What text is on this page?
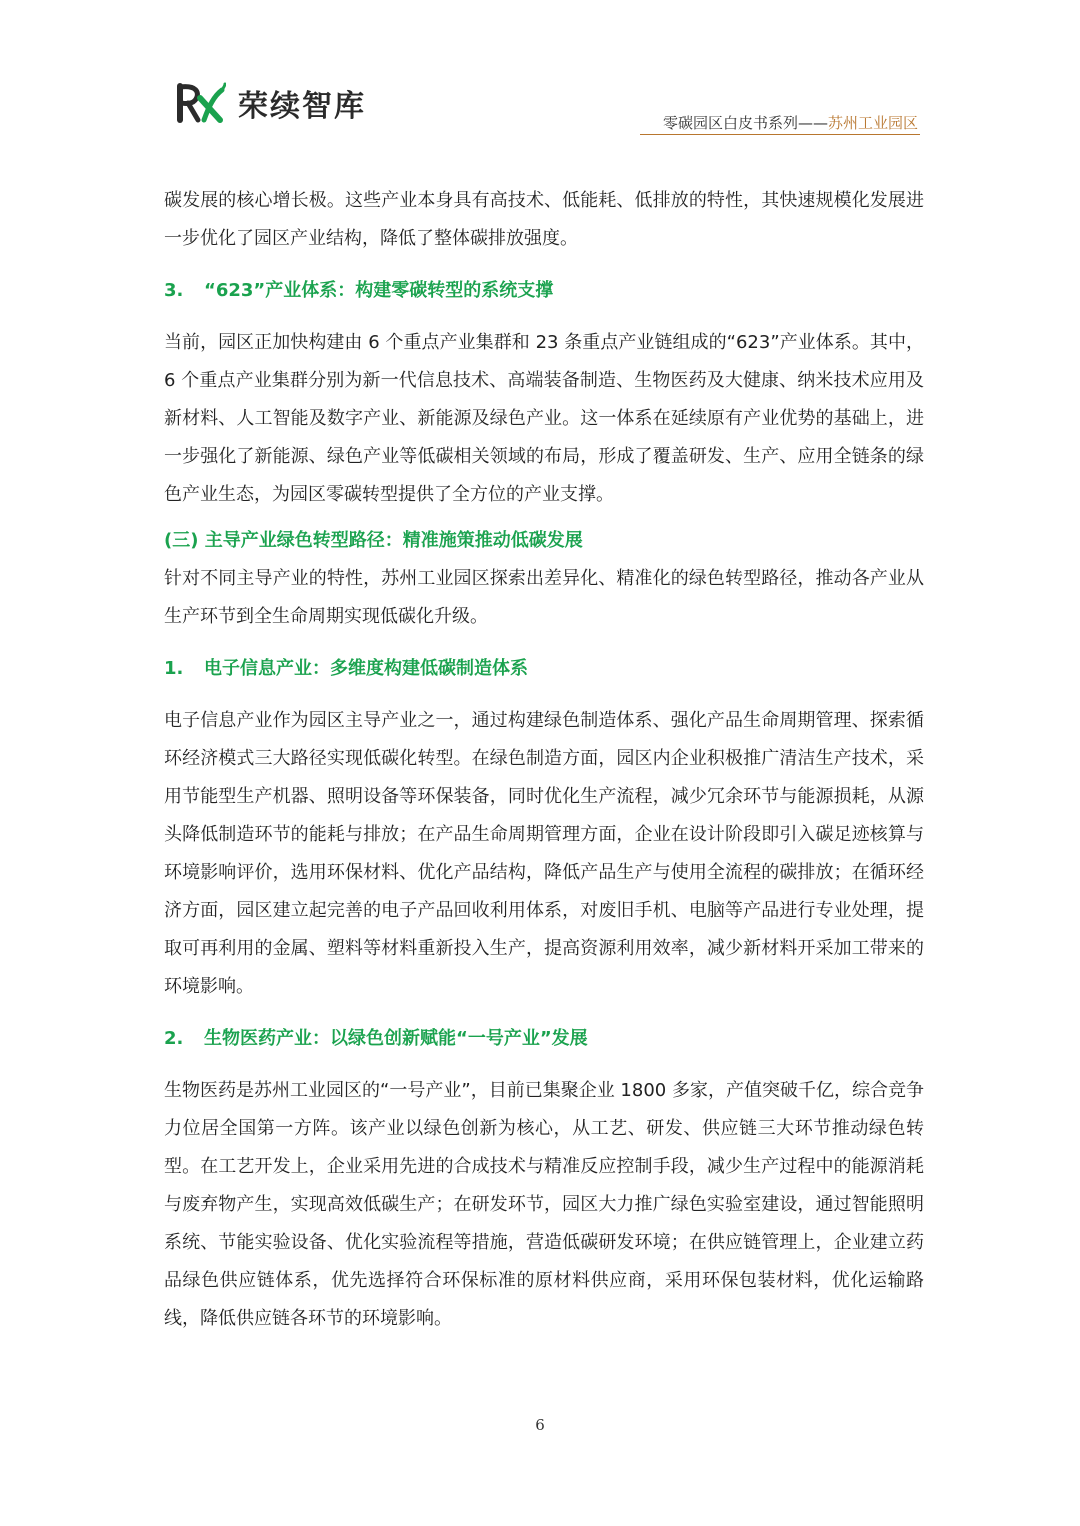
荣续智库	零碳园区白皮书系列——苏州工业园区

碳发展的核心增长极。这些产业本身具有高技术、低能耗、低排放的特性，其快速规模化发展进一步优化了园区产业结构，降低了整体碳排放强度。

3. “623”产业体系：构建零碳转型的系统支撑

当前，园区正加快构建由 6 个重点产业集群和 23 条重点产业链组成的“623”产业体系。其中，6 个重点产业集群分别为新一代信息技术、高端装备制造、生物医药及大健康、纳米技术应用及新材料、人工智能及数字产业、新能源及绿色产业。这一体系在延续原有产业优势的基础上，进一步强化了新能源、绿色产业等低碳相关领域的布局，形成了覆盖研发、生产、应用全链条的绿色产业生态，为园区零碳转型提供了全方位的产业支撑。

(三) 主导产业绿色转型路径：精准施策推动低碳发展

针对不同主导产业的特性，苏州工业园区探索出差异化、精准化的绿色转型路径，推动各产业从生产环节到全生命周期实现低碳化升级。

1. 电子信息产业：多维度构建低碳制造体系

电子信息产业作为园区主导产业之一，通过构建绿色制造体系、强化产品生命周期管理、探索循环经济模式三大路径实现低碳化转型。在绿色制造方面，园区内企业积极推广清洁生产技术，采用节能型生产机器、照明设备等环保装备，同时优化生产流程，减少冗余环节与能源损耗，从源头降低制造环节的能耗与排放；在产品生命周期管理方面，企业在设计阶段即引入碳足迹核算与环境影响评价，选用环保材料、优化产品结构，降低产品生产与使用全流程的碳排放；在循环经济方面，园区建立起完善的电子产品回收利用体系，对废旧手机、电脑等产品进行专业处理，提取可再利用的金属、塑料等材料重新投入生产，提高资源利用效率，减少新材料开采加工带来的环境影响。

2. 生物医药产业：以绿色创新赋能“一号产业”发展

生物医药是苏州工业园区的“一号产业”，目前已集聚企业 1800 多家，产值突破千亿，综合竞争力位居全国第一方阵。该产业以绿色创新为核心，从工艺、研发、供应链三大环节推动绿色转型。在工艺开发上，企业采用先进的合成技术与精准反应控制手段，减少生产过程中的能源消耗与废弃物产生，实现高效低碳生产；在研发环节，园区大力推广绿色实验室建设，通过智能照明系统、节能实验设备、优化实验流程等措施，营造低碳研发环境；在供应链管理上，企业建立药品绿色供应链体系，优先选择符合环保标准的原材料供应商，采用环保包装材料，优化运输路线，降低供应链各环节的环境影响。

6
